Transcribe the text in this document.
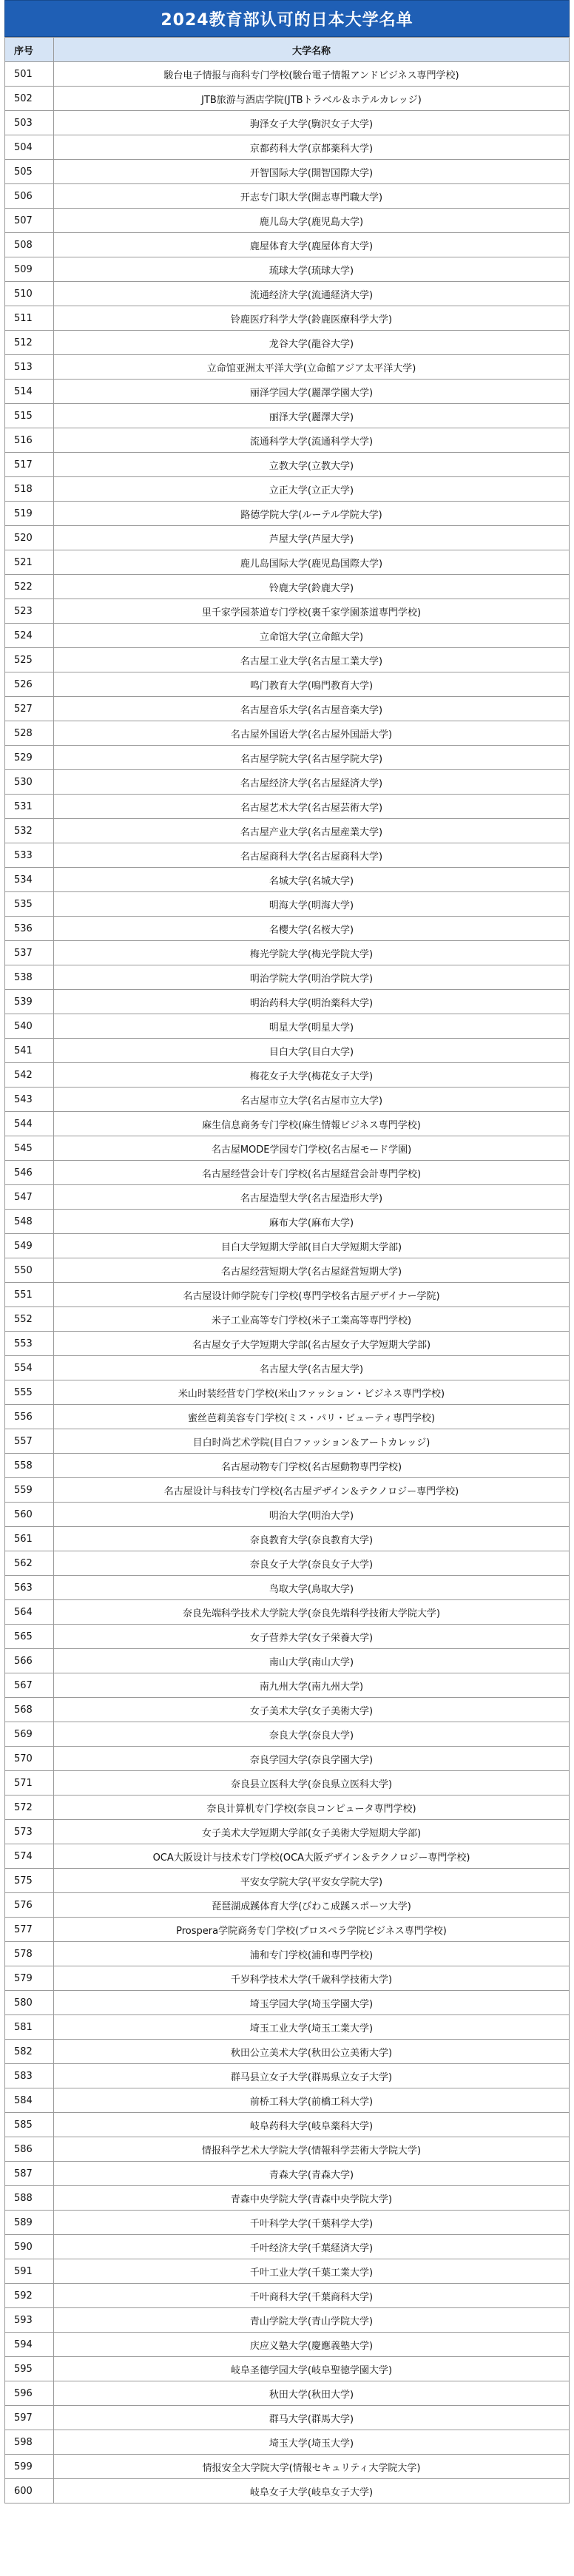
2024教育部认可的日本大学名单
序号	大学名称
501	駿台电子情报与商科专门学校(駿台電子情報アンドビジネス専門学校)
502	JTB旅游与酒店学院(JTBトラベル＆ホテルカレッジ)
503	驹泽女子大学(駒沢女子大学)
504	京都药科大学(京都薬科大学)
505	开智国际大学(開智国際大学)
506	开志专门职大学(開志専門職大学)
507	鹿儿岛大学(鹿児島大学)
508	鹿屋体育大学(鹿屋体育大学)
509	琉球大学(琉球大学)
510	流通经济大学(流通経済大学)
511	铃鹿医疗科学大学(鈴鹿医療科学大学)
512	龙谷大学(龍谷大学)
513	立命馆亚洲太平洋大学(立命館アジア太平洋大学)
514	丽泽学园大学(麗澤学園大学)
515	丽泽大学(麗澤大学)
516	流通科学大学(流通科学大学)
517	立教大学(立教大学)
518	立正大学(立正大学)
519	路德学院大学(ルーテル学院大学)
520	芦屋大学(芦屋大学)
521	鹿儿岛国际大学(鹿児島国際大学)
522	铃鹿大学(鈴鹿大学)
523	里千家学园茶道专门学校(裏千家学園茶道専門学校)
524	立命馆大学(立命館大学)
525	名古屋工业大学(名古屋工業大学)
526	鸣门教育大学(鳴門教育大学)
527	名古屋音乐大学(名古屋音楽大学)
528	名古屋外国语大学(名古屋外国語大学)
529	名古屋学院大学(名古屋学院大学)
530	名古屋经济大学(名古屋経済大学)
531	名古屋艺术大学(名古屋芸術大学)
532	名古屋产业大学(名古屋産業大学)
533	名古屋商科大学(名古屋商科大学)
534	名城大学(名城大学)
535	明海大学(明海大学)
536	名樱大学(名桜大学)
537	梅光学院大学(梅光学院大学)
538	明治学院大学(明治学院大学)
539	明治药科大学(明治薬科大学)
540	明星大学(明星大学)
541	目白大学(目白大学)
542	梅花女子大学(梅花女子大学)
543	名古屋市立大学(名古屋市立大学)
544	麻生信息商务专门学校(麻生情報ビジネス専門学校)
545	名古屋MODE学园专门学校(名古屋モード学園)
546	名古屋经营会计专门学校(名古屋経営会計専門学校)
547	名古屋造型大学(名古屋造形大学)
548	麻布大学(麻布大学)
549	目白大学短期大学部(目白大学短期大学部)
550	名古屋经营短期大学(名古屋経営短期大学)
551	名古屋设计师学院专门学校(専門学校名古屋デザイナー学院)
552	米子工业高等专门学校(米子工業高等専門学校)
553	名古屋女子大学短期大学部(名古屋女子大学短期大学部)
554	名古屋大学(名古屋大学)
555	米山时装经营专门学校(米山ファッション・ビジネス専門学校)
556	蜜丝芭莉美容专门学校(ミス・パリ・ビューティ専門学校)
557	目白时尚艺术学院(目白ファッション＆アートカレッジ)
558	名古屋动物专门学校(名古屋動物専門学校)
559	名古屋设计与科技专门学校(名古屋デザイン＆テクノロジー専門学校)
560	明治大学(明治大学)
561	奈良教育大学(奈良教育大学)
562	奈良女子大学(奈良女子大学)
563	鸟取大学(鳥取大学)
564	奈良先端科学技术大学院大学(奈良先端科学技術大学院大学)
565	女子营养大学(女子栄養大学)
566	南山大学(南山大学)
567	南九州大学(南九州大学)
568	女子美术大学(女子美術大学)
569	奈良大学(奈良大学)
570	奈良学园大学(奈良学園大学)
571	奈良县立医科大学(奈良県立医科大学)
572	奈良计算机专门学校(奈良コンピュータ専門学校)
573	女子美术大学短期大学部(女子美術大学短期大学部)
574	OCA大阪设计与技术专门学校(OCA大阪デザイン＆テクノロジー専門学校)
575	平安女学院大学(平安女学院大学)
576	琵琶湖成蹊体育大学(びわこ成蹊スポーツ大学)
577	Prospera学院商务专门学校(プロスペラ学院ビジネス専門学校)
578	浦和专门学校(浦和専門学校)
579	千岁科学技术大学(千歳科学技術大学)
580	埼玉学园大学(埼玉学園大学)
581	埼玉工业大学(埼玉工業大学)
582	秋田公立美术大学(秋田公立美術大学)
583	群马县立女子大学(群馬県立女子大学)
584	前桥工科大学(前橋工科大学)
585	岐阜药科大学(岐阜薬科大学)
586	情报科学艺术大学院大学(情報科学芸術大学院大学)
587	青森大学(青森大学)
588	青森中央学院大学(青森中央学院大学)
589	千叶科学大学(千葉科学大学)
590	千叶经济大学(千葉経済大学)
591	千叶工业大学(千葉工業大学)
592	千叶商科大学(千葉商科大学)
593	青山学院大学(青山学院大学)
594	庆应义塾大学(慶應義塾大学)
595	岐阜圣德学园大学(岐阜聖徳学園大学)
596	秋田大学(秋田大学)
597	群马大学(群馬大学)
598	埼玉大学(埼玉大学)
599	情报安全大学院大学(情報セキュリティ大学院大学)
600	岐阜女子大学(岐阜女子大学)
